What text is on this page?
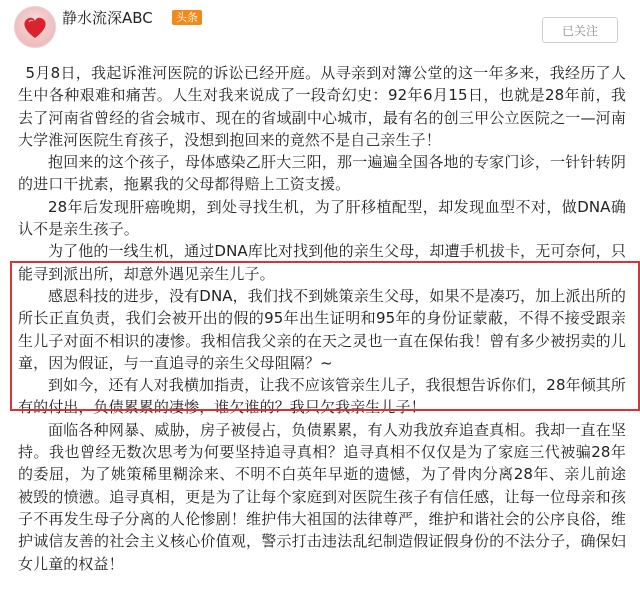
静水流深ABC	头条
已关注

5月8日，我起诉淮河医院的诉讼已经开庭。从寻亲到对簿公堂的这一年多来，我经历了人生中各种艰难和痛苦。人生对我来说成了一段奇幻史：92年6月15日，也就是28年前，我去了河南省曾经的省会城市、现在的省域副中心城市，最有名的创三甲公立医院之一—河南大学淮河医院生育孩子，没想到抱回来的竟然不是自己亲生子！

抱回来的这个孩子，母体感染乙肝大三阳，那一遍遍全国各地的专家门诊，一针针转阴的进口干扰素，拖累我的父母都得赔上工资支援。

28年后发现肝癌晚期，到处寻找生机，为了肝移植配型，却发现血型不对，做DNA确认不是亲生孩子。

为了他的一线生机，通过DNA库比对找到他的亲生父母，却遭手机拔卡，无可奈何，只能寻到派出所，却意外遇见亲生儿子。

感恩科技的进步，没有DNA，我们找不到姚策亲生父母，如果不是凑巧，加上派出所的所长正直负责，我们会被开出的假的95年出生证明和95年的身份证蒙蔽，不得不接受跟亲生儿子对面不相识的凄惨。我相信我父亲的在天之灵也一直在保佑我！曾有多少被拐卖的儿童，因为假证，与一直追寻的亲生父母阻隔？~

到如今，还有人对我横加指责，让我不应该管亲生儿子，我很想告诉你们，28年倾其所有的付出，负债累累的凄惨，谁欠谁的？我只欠我亲生儿子！

面临各种网暴、威胁，房子被侵占，负债累累，有人劝我放弃追查真相。我却一直在坚持。我也曾经无数次思考为何要坚持追寻真相？追寻真相不仅仅是为了家庭三代被骗28年的委屈，为了姚策稀里糊涂来、不明不白英年早逝的遗憾，为了骨肉分离28年、亲儿前途被毁的愤懑。追寻真相，更是为了让每个家庭到对医院生孩子有信任感，让每一位母亲和孩子不再发生母子分离的人伦惨剧！维护伟大祖国的法律尊严，维护和谐社会的公序良俗，维护诚信友善的社会主义核心价值观，警示打击违法乱纪制造假证假身份的不法分子，确保妇女儿童的权益！
